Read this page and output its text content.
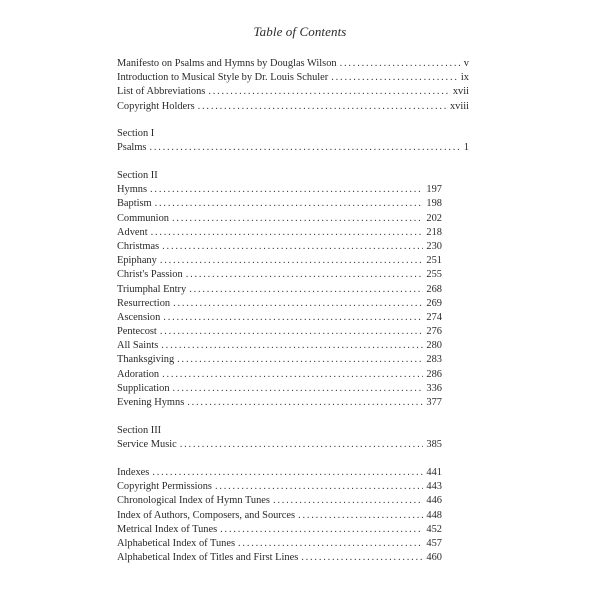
Table of Contents
Manifesto on Psalms and Hymns by Douglas Wilson . . .	v
Introduction to Musical Style by Dr. Louis Schuler . . .	ix
List of Abbreviations . . .	xvii
Copyright Holders . . .	xviii
Section I
Psalms . . .	1
Section II
Hymns . . .	197
Baptism . . .	198
Communion . . .	202
Advent . . .	218
Christmas . . .	230
Epiphany . . .	251
Christ's Passion . . .	255
Triumphal Entry . . .	268
Resurrection . . .	269
Ascension . . .	274
Pentecost . . .	276
All Saints . . .	280
Thanksgiving . . .	283
Adoration . . .	286
Supplication . . .	336
Evening Hymns . . .	377
Section III
Service Music . . .	385
Indexes . . .	441
Copyright Permissions . . .	443
Chronological Index of Hymn Tunes . . .	446
Index of Authors, Composers, and Sources . . .	448
Metrical Index of Tunes . . .	452
Alphabetical Index of Tunes . . .	457
Alphabetical Index of Titles and First Lines . . .	460
